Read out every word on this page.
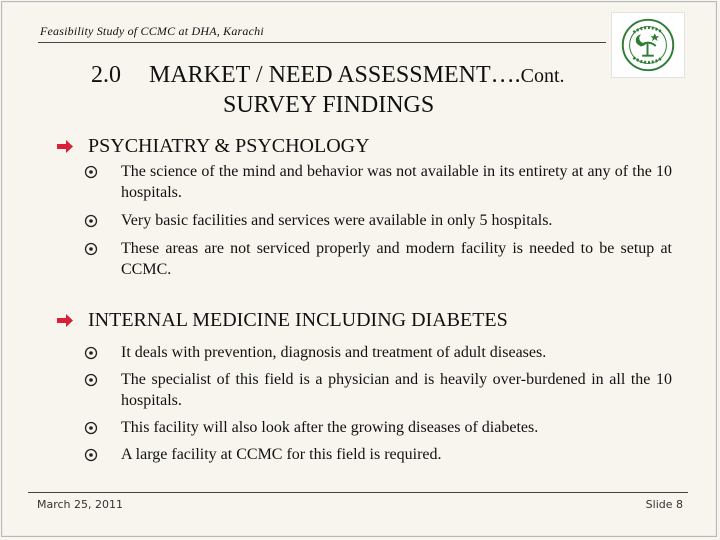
Feasibility Study of CCMC at DHA, Karachi
2.0 MARKET / NEED ASSESSMENT….Cont.
SURVEY FINDINGS
PSYCHIATRY & PSYCHOLOGY
The science of the mind and behavior was not available in its entirety at any of the 10 hospitals.
Very basic facilities and services were available in only 5 hospitals.
These areas are not serviced properly and modern facility is needed to be setup at CCMC.
INTERNAL MEDICINE INCLUDING DIABETES
It deals with prevention, diagnosis and treatment of adult diseases.
The specialist of this field is a physician and is heavily over-burdened in all the 10 hospitals.
This facility will also look after the growing diseases of diabetes.
A large facility at CCMC for this field is required.
March 25, 2011	Slide 8
